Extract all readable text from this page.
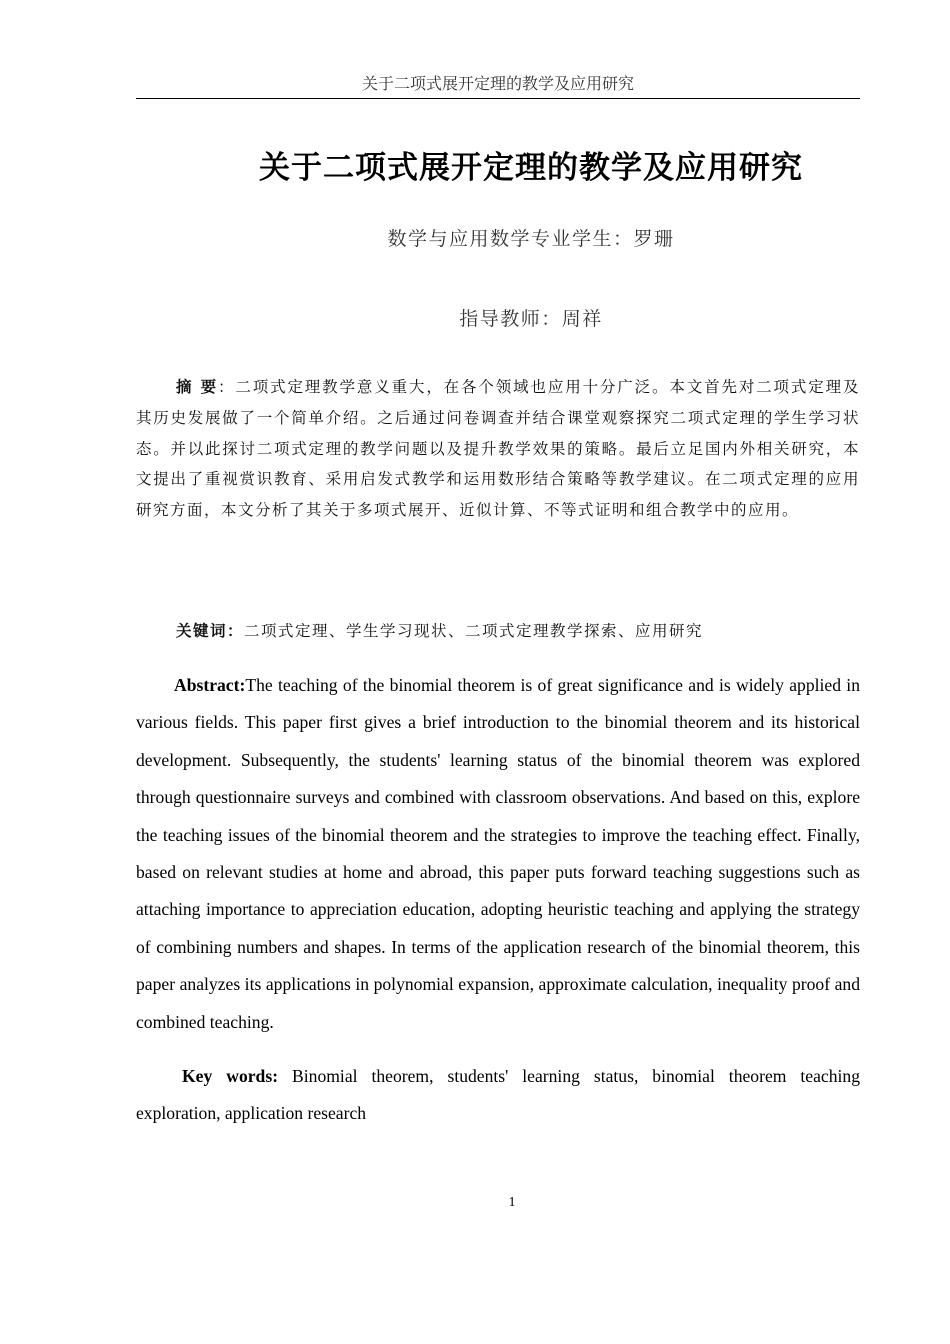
关于二项式展开定理的教学及应用研究
关于二项式展开定理的教学及应用研究
数学与应用数学专业学生：罗珊
指导教师：周祥
摘 要：二项式定理教学意义重大，在各个领域也应用十分广泛。本文首先对二项式定理及其历史发展做了一个简单介绍。之后通过问卷调查并结合课堂观察探究二项式定理的学生学习状态。并以此探讨二项式定理的教学问题以及提升教学效果的策略。最后立足国内外相关研究，本文提出了重视赏识教育、采用启发式教学和运用数形结合策略等教学建议。在二项式定理的应用研究方面，本文分析了其关于多项式展开、近似计算、不等式证明和组合教学中的应用。
关键词：二项式定理、学生学习现状、二项式定理教学探索、应用研究
Abstract:The teaching of the binomial theorem is of great significance and is widely applied in various fields. This paper first gives a brief introduction to the binomial theorem and its historical development. Subsequently, the students' learning status of the binomial theorem was explored through questionnaire surveys and combined with classroom observations. And based on this, explore the teaching issues of the binomial theorem and the strategies to improve the teaching effect. Finally, based on relevant studies at home and abroad, this paper puts forward teaching suggestions such as attaching importance to appreciation education, adopting heuristic teaching and applying the strategy of combining numbers and shapes. In terms of the application research of the binomial theorem, this paper analyzes its applications in polynomial expansion, approximate calculation, inequality proof and combined teaching.
Key words: Binomial theorem, students' learning status, binomial theorem teaching exploration, application research
1
